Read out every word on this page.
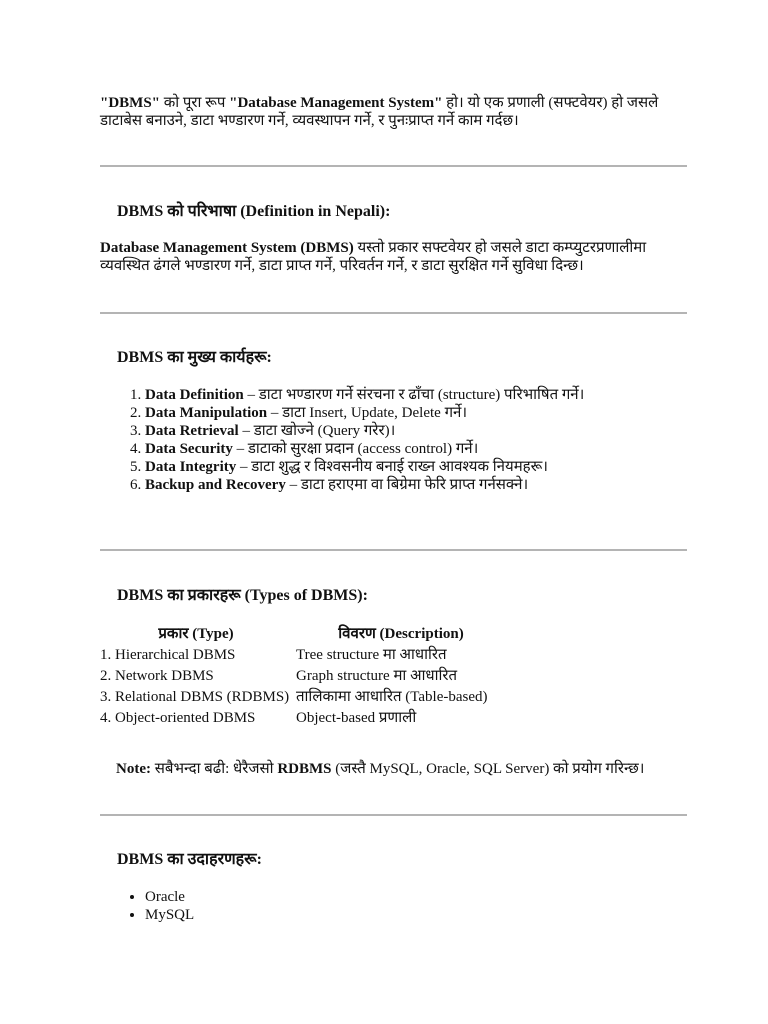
"DBMS" को पूरा रूप "Database Management System" हो। यो एक प्रणाली (सफ्टवेयर) हो जसले डाटाबेस बनाउने, डाटा भण्डारण गर्ने, व्यवस्थापन गर्ने, र पुनःप्राप्त गर्ने काम गर्दछ।
DBMS को परिभाषा (Definition in Nepali):
Database Management System (DBMS) यस्तो प्रकार सफ्टवेयर हो जसले डाटा कम्प्युटरप्रणालीमा व्यवस्थित ढंगले भण्डारण गर्ने, डाटा प्राप्त गर्ने, परिवर्तन गर्ने, र डाटा सुरक्षित गर्ने सुविधा दिन्छ।
DBMS का मुख्य कार्यहरू:
1. Data Definition – डाटा भण्डारण गर्ने संरचना र ढाँचा (structure) परिभाषित गर्ने।
2. Data Manipulation – डाटा Insert, Update, Delete गर्ने।
3. Data Retrieval – डाटा खोज्ने (Query गरेर)।
4. Data Security – डाटाको सुरक्षा प्रदान (access control) गर्ने।
5. Data Integrity – डाटा शुद्ध र विश्वसनीय बनाई राख्न आवश्यक नियमहरू।
6. Backup and Recovery – डाटा हराएमा वा बिग्रेमा फेरि प्राप्त गर्नसक्ने।
DBMS का प्रकारहरू (Types of DBMS):
प्रकार (Type)	विवरण (Description)
1. Hierarchical DBMS	Tree structure मा आधारित
2. Network DBMS	Graph structure मा आधारित
3. Relational DBMS (RDBMS)	तालिकामा आधारित (Table-based)
4. Object-oriented DBMS	Object-based प्रणाली
Note: सबैभन्दा बढी: धेरैजसो RDBMS (जस्तै MySQL, Oracle, SQL Server) को प्रयोग गरिन्छ।
DBMS का उदाहरणहरू:
• Oracle
• MySQL
